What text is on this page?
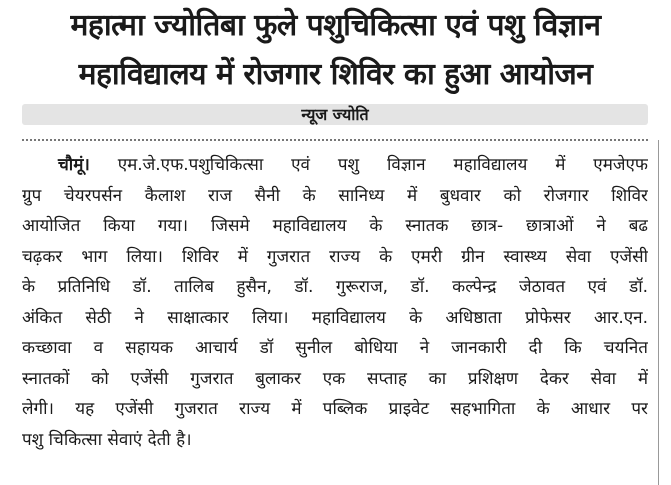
महात्मा ज्योतिबा फुले पशुचिकित्सा एवं पशु विज्ञान
महाविद्यालय में रोजगार शिविर का हुआ आयोजन
न्यूज ज्योति
चौमूं। एम.जे.एफ.पशुचिकित्सा एवं पशु विज्ञान महाविद्यालय में एमजेएफ
ग्रुप चेयरपर्सन कैलाश राज सैनी के सानिध्य में बुधवार को रोजगार शिविर
आयोजित किया गया। जिसमे महाविद्यालय के स्नातक छात्र- छात्राओं ने बढ
चढ़कर भाग लिया। शिविर में गुजरात राज्य के एमरी ग्रीन स्वास्थ्य सेवा एजेंसी
के प्रतिनिधि डॉ. तालिब हुसैन, डॉ. गुरूराज, डॉ. कल्पेन्द्र जेठावत एवं डॉ.
अंकित सेठी ने साक्षात्कार लिया। महाविद्यालय के अधिष्ठाता प्रोफेसर आर.एन.
कच्छावा व सहायक आचार्य डॉ सुनील बोधिया ने जानकारी दी कि चयनित
स्नातकों को एजेंसी गुजरात बुलाकर एक सप्ताह का प्रशिक्षण देकर सेवा में
लेगी। यह एजेंसी गुजरात राज्य में पब्लिक प्राइवेट सहभागिता के आधार पर
पशु चिकित्सा सेवाएं देती है।
